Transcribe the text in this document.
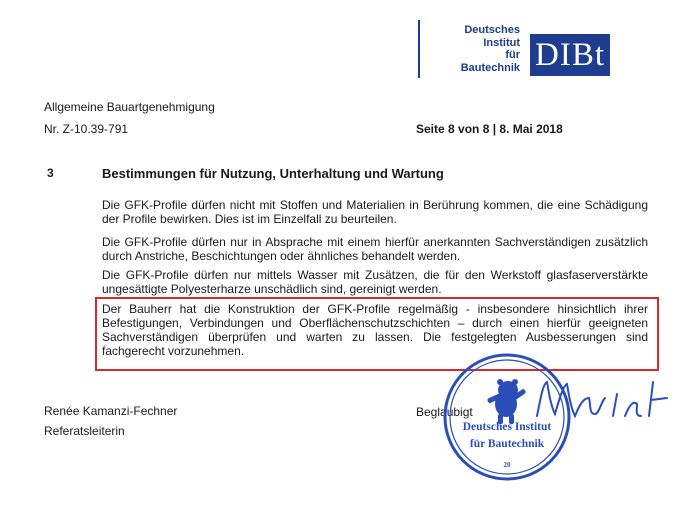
Deutsches
Institut
für
Bautechnik DIBt
Allgemeine Bauartgenehmigung
Nr. Z-10.39-791	Seite 8 von 8 | 8. Mai 2018
3	Bestimmungen für Nutzung, Unterhaltung und Wartung
Die GFK-Profile dürfen nicht mit Stoffen und Materialien in Berührung kommen, die eine Schädigung der Profile bewirken. Dies ist im Einzelfall zu beurteilen.
Die GFK-Profile dürfen nur in Absprache mit einem hierfür anerkannten Sachverständigen zusätzlich durch Anstriche, Beschichtungen oder ähnliches behandelt werden.
Die GFK-Profile dürfen nur mittels Wasser mit Zusätzen, die für den Werkstoff glasfaserverstärkte ungesättigte Polyesterharze unschädlich sind, gereinigt werden.
Der Bauherr hat die Konstruktion der GFK-Profile regelmäßig - insbesondere hinsichtlich ihrer Befestigungen, Verbindungen und Oberflächenschutzschichten – durch einen hierfür geeigneten Sachverständigen überprüfen und warten zu lassen. Die festgelegten Ausbesserungen sind fachgerecht vorzunehmen.
Renée Kamanzi-Fechner
Referatsleiterin
Beglaubigt
Deutsches Institut
für Bautechnik
20
